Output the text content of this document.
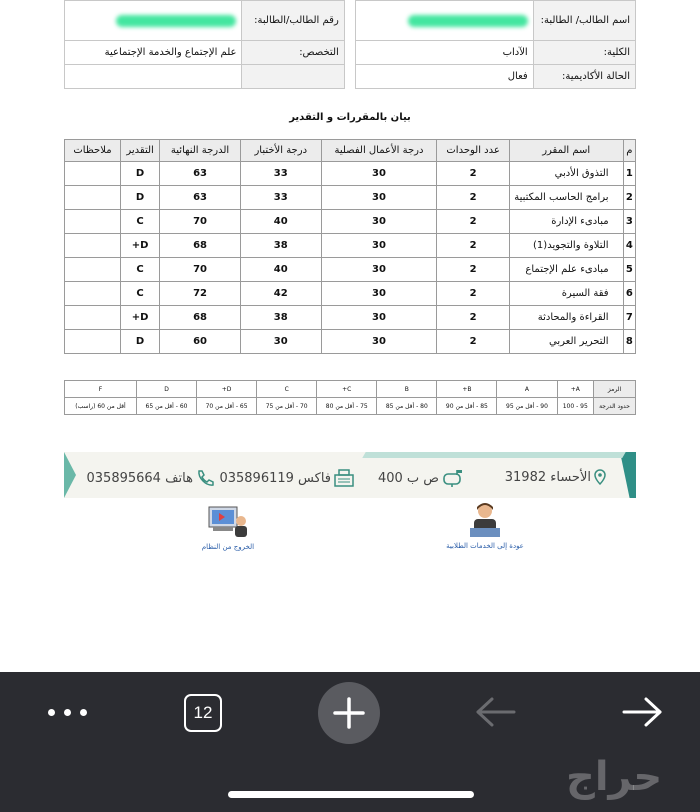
اسم الطالب/ الطالبة:			رقم الطالب/الطالبة:	
الكلية:	الآداب		التخصص:	علم الإجتماع والخدمة الإجتماعية
الحالة الأكاديمية:	فعال			
بيان بالمقررات و التقدير
م	اسم المقرر	عدد الوحدات	درجة الأعمال الفصلية	درجة الأختبار	الدرجة النهائية	التقدير	ملاحظات
1	التذوق الأدبي	2	30	33	63	D	
2	برامج الحاسب المكتبية	2	30	33	63	D	
3	مبادىء الإدارة	2	30	40	70	C	
4	التلاوة والتجويد(1)	2	30	38	68	D+	
5	مبادىء علم الإجتماع	2	30	40	70	C	
6	فقة السيرة	2	30	42	72	C	
7	القراءة والمحادثة	2	30	38	68	D+	
8	التحرير العربي	2	30	30	60	D	
الرمز	A+	A	B+	B	C+	C	D+	D	F
حدود الدرجة	95 - 100	90 - أقل من 95	85 - أقل من 90	80 - أقل من 85	75 - أقل من 80	70 - أقل من 75	65 - أقل من 70	60 - أقل من 65	أقل من 60 (راسب)
الأحساء 31982
ص ب 400
فاكس 035896119
هاتف 035895664
عودة إلى الخدمات الطلابية
الخروج من النظام
12
حراج
